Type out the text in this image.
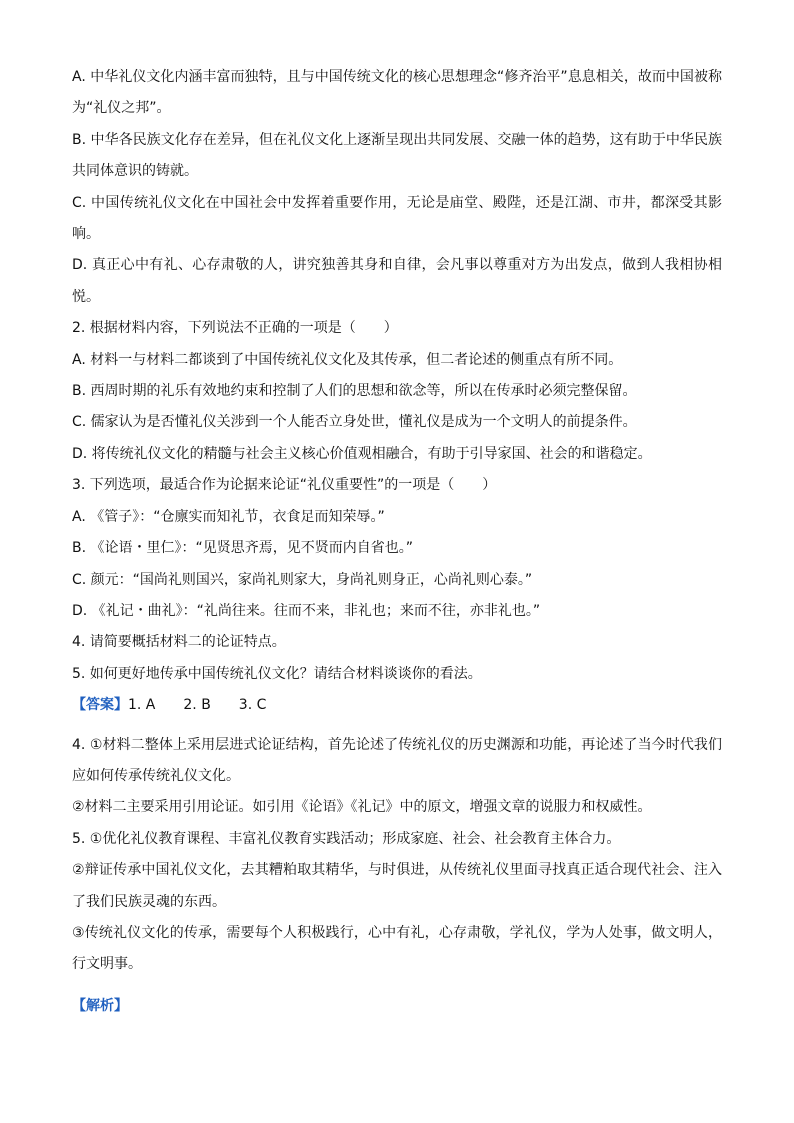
A. 中华礼仪文化内涵丰富而独特，且与中国传统文化的核心思想理念“修齐治平”息息相关，故而中国被称为“礼仪之邦”。

B. 中华各民族文化存在差异，但在礼仪文化上逐渐呈现出共同发展、交融一体的趋势，这有助于中华民族共同体意识的铸就。

C. 中国传统礼仪文化在中国社会中发挥着重要作用，无论是庙堂、殿陛，还是江湖、市井，都深受其影响。

D. 真正心中有礼、心存肃敬的人，讲究独善其身和自律，会凡事以尊重对方为出发点，做到人我相协相悦。

2. 根据材料内容，下列说法不正确的一项是（　　）

A. 材料一与材料二都谈到了中国传统礼仪文化及其传承，但二者论述的侧重点有所不同。

B. 西周时期的礼乐有效地约束和控制了人们的思想和欲念等，所以在传承时必须完整保留。

C. 儒家认为是否懂礼仪关涉到一个人能否立身处世，懂礼仪是成为一个文明人的前提条件。

D. 将传统礼仪文化的精髓与社会主义核心价值观相融合，有助于引导家国、社会的和谐稳定。

3. 下列选项，最适合作为论据来论证“礼仪重要性”的一项是（　　）

A. 《管子》：“仓廪实而知礼节，衣食足而知荣辱。”

B. 《论语・里仁》：“见贤思齐焉，见不贤而内自省也。”

C. 颜元：“国尚礼则国兴，家尚礼则家大，身尚礼则身正，心尚礼则心泰。”

D. 《礼记・曲礼》：“礼尚往来。往而不来，非礼也；来而不往，亦非礼也。”

4. 请简要概括材料二的论证特点。

5. 如何更好地传承中国传统礼仪文化？请结合材料谈谈你的看法。

【答案】1. A　　2. B　　3. C

4. ①材料二整体上采用层进式论证结构，首先论述了传统礼仪的历史渊源和功能，再论述了当今时代我们应如何传承传统礼仪文化。

②材料二主要采用引用论证。如引用《论语》《礼记》中的原文，增强文章的说服力和权威性。

5. ①优化礼仪教育课程、丰富礼仪教育实践活动；形成家庭、社会、社会教育主体合力。

②辩证传承中国礼仪文化，去其糟粕取其精华，与时俱进，从传统礼仪里面寻找真正适合现代社会、注入了我们民族灵魂的东西。

③传统礼仪文化的传承，需要每个人积极践行，心中有礼，心存肃敬，学礼仪，学为人处事，做文明人，行文明事。

【解析】
